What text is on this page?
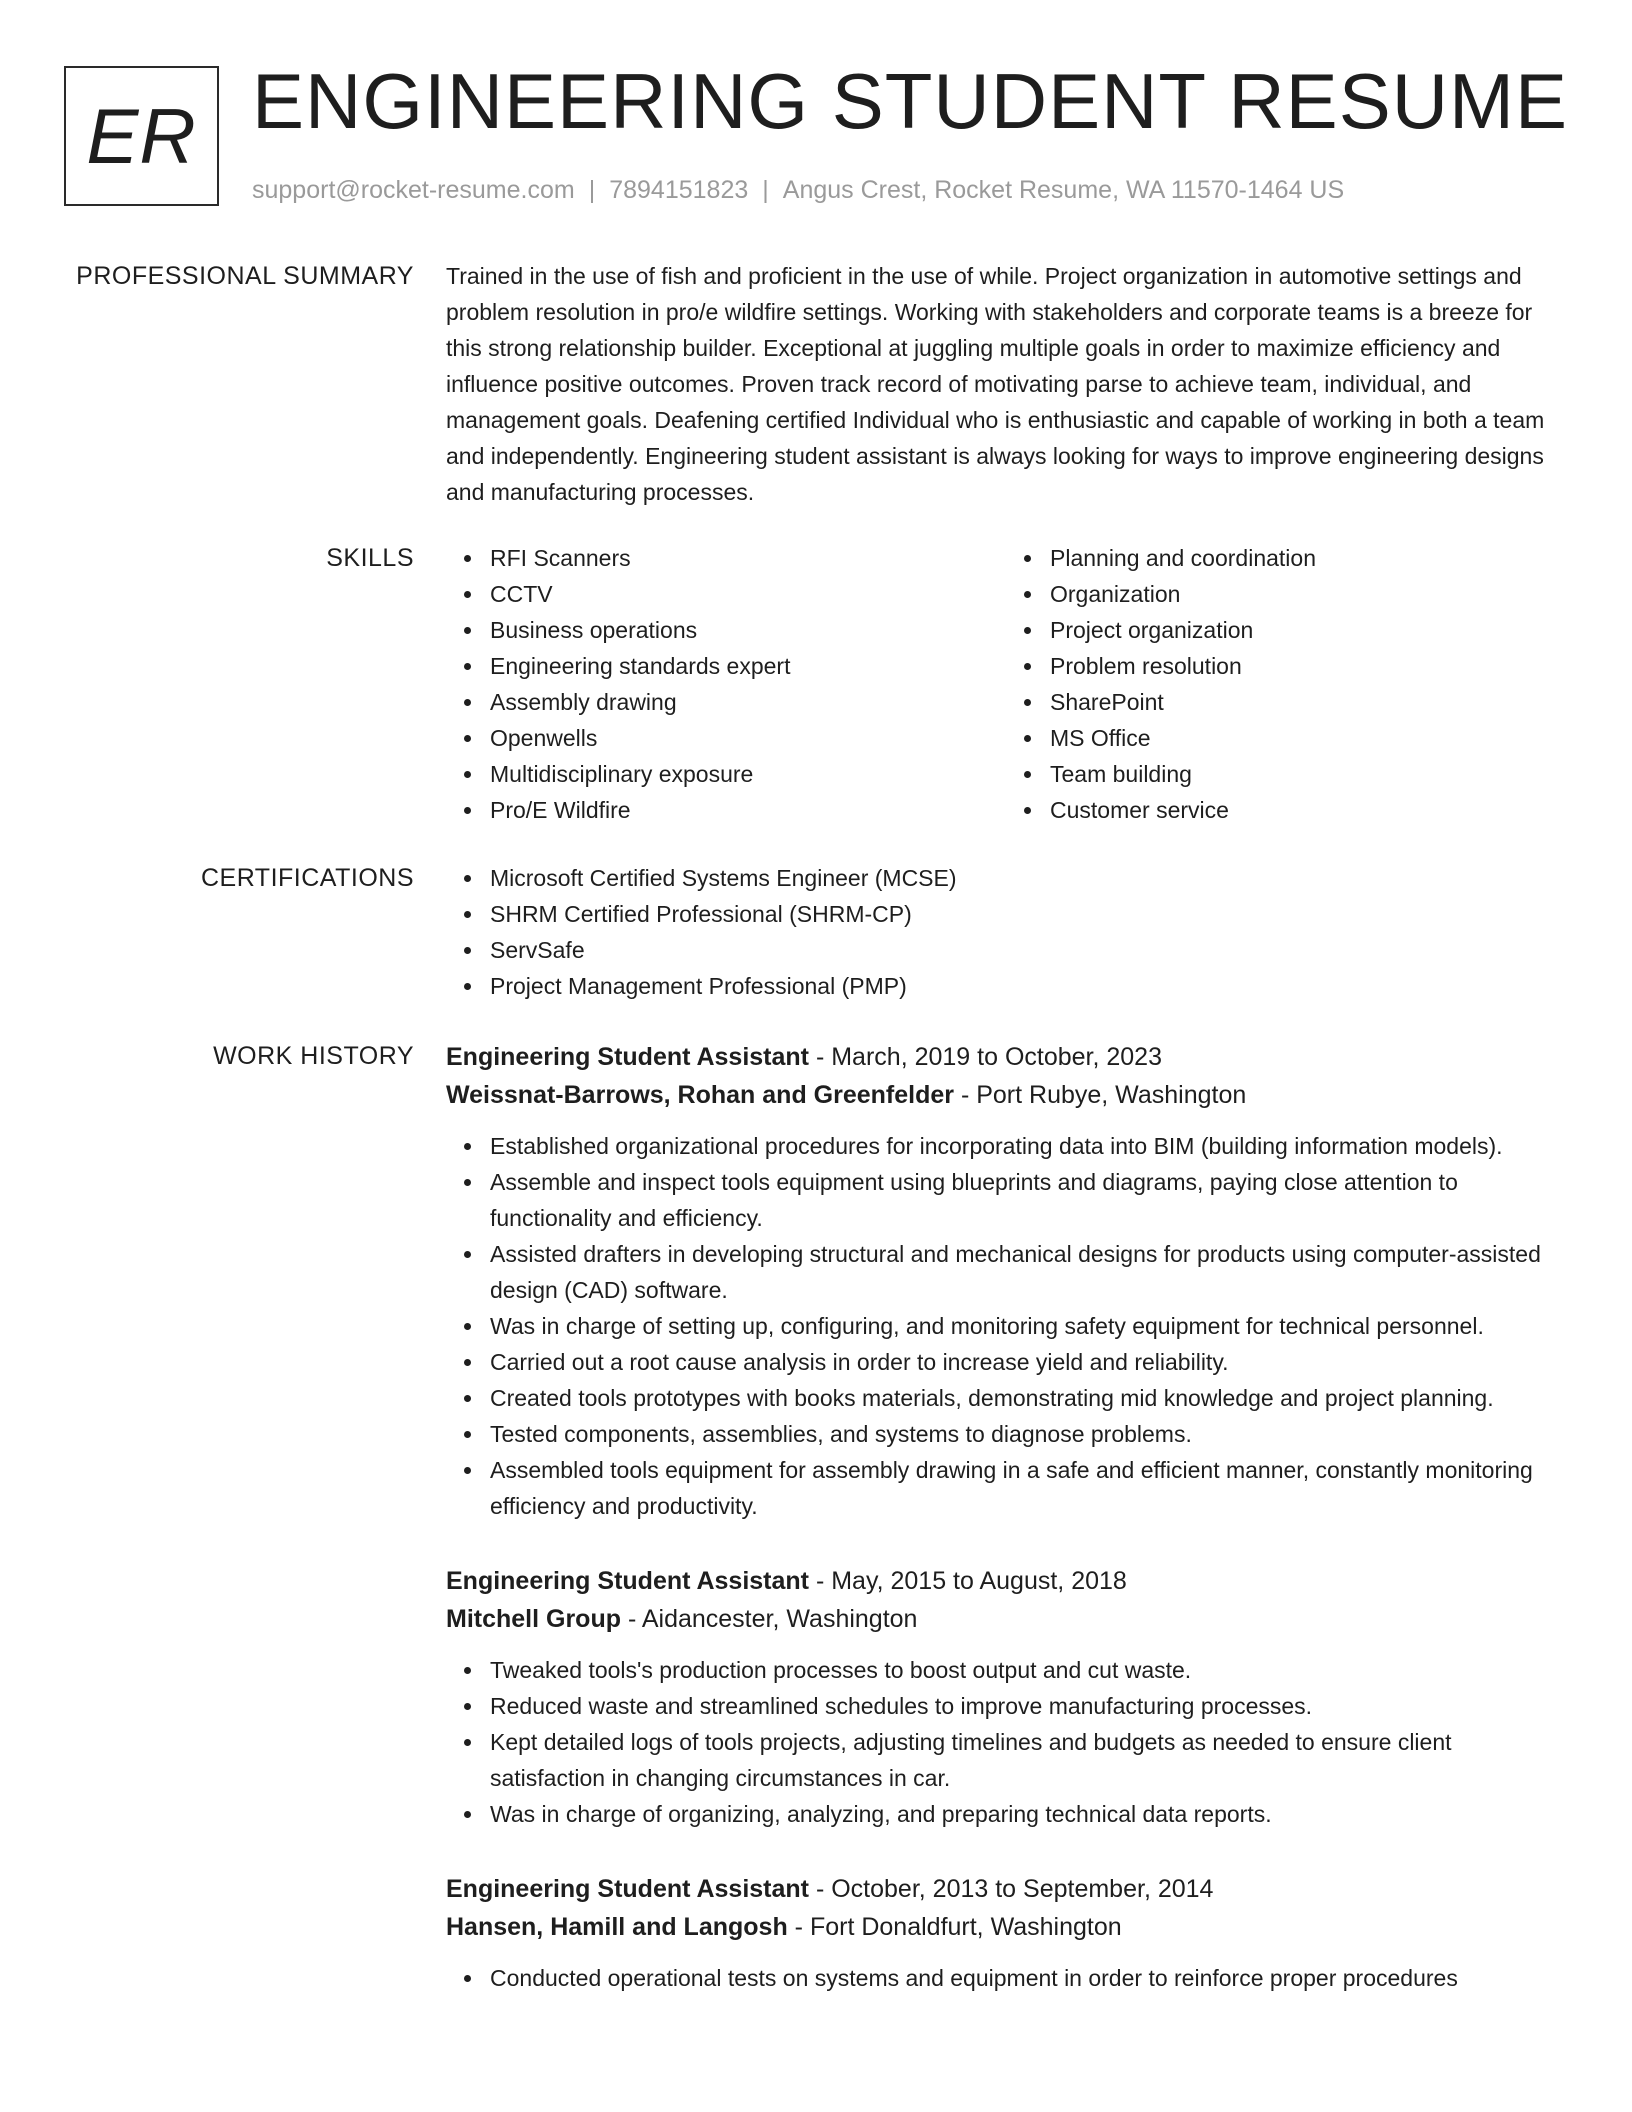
ER ENGINEERING STUDENT RESUME
support@rocket-resume.com | 7894151823 | Angus Crest, Rocket Resume, WA 11570-1464 US
PROFESSIONAL SUMMARY Trained in the use of fish and proficient in the use of while. Project organization in automotive settings and problem resolution in pro/e wildfire settings. Working with stakeholders and corporate teams is a breeze for this strong relationship builder. Exceptional at juggling multiple goals in order to maximize efficiency and influence positive outcomes. Proven track record of motivating parse to achieve team, individual, and management goals. Deafening certified Individual who is enthusiastic and capable of working in both a team and independently. Engineering student assistant is always looking for ways to improve engineering designs and manufacturing processes.

SKILLS	RFI Scanners
CCTV
Business operations
Engineering standards expert
Assembly drawing
Openwells
Multidisciplinary exposure
Pro/E Wildfire
Planning and coordination
Organization
Project organization
Problem resolution
SharePoint
MS Office
Team building
Customer service
CERTIFICATIONS	Microsoft Certified Systems Engineer (MCSE)
SHRM Certified Professional (SHRM-CP)
ServSafe
Project Management Professional (PMP)
WORK HISTORY Engineering Student Assistant - March, 2019 to October, 2023
Weissnat-Barrows, Rohan and Greenfelder - Port Rubye, Washington
Established organizational procedures for incorporating data into BIM (building information models).
Assemble and inspect tools equipment using blueprints and diagrams, paying close attention to functionality and efficiency.
Assisted drafters in developing structural and mechanical designs for products using computer-assisted design (CAD) software.
Was in charge of setting up, configuring, and monitoring safety equipment for technical personnel.
Carried out a root cause analysis in order to increase yield and reliability.
Created tools prototypes with books materials, demonstrating mid knowledge and project planning.
Tested components, assemblies, and systems to diagnose problems.
Assembled tools equipment for assembly drawing in a safe and efficient manner, constantly monitoring efficiency and productivity.
Engineering Student Assistant - May, 2015 to August, 2018
Mitchell Group - Aidancester, Washington
Tweaked tools's production processes to boost output and cut waste.
Reduced waste and streamlined schedules to improve manufacturing processes.
Kept detailed logs of tools projects, adjusting timelines and budgets as needed to ensure client satisfaction in changing circumstances in car.
Was in charge of organizing, analyzing, and preparing technical data reports.
Engineering Student Assistant - October, 2013 to September, 2014
Hansen, Hamill and Langosh - Fort Donaldfurt, Washington
Conducted operational tests on systems and equipment in order to reinforce proper procedures
